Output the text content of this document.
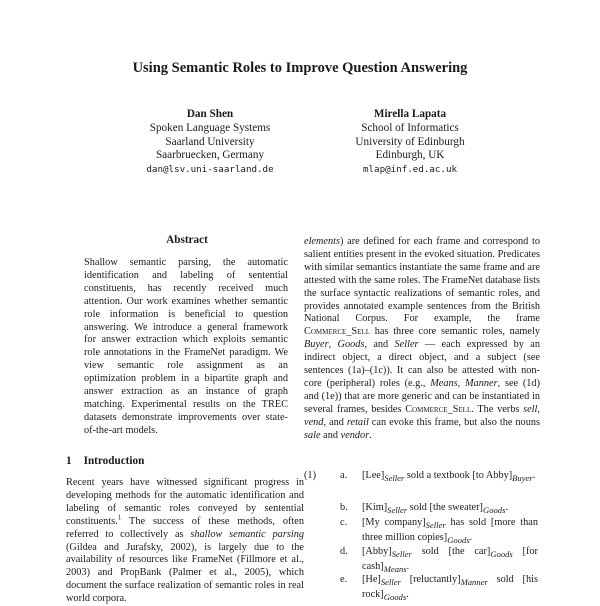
Using Semantic Roles to Improve Question Answering
Dan Shen
Spoken Language Systems
Saarland University
Saarbruecken, Germany
dan@lsv.uni-saarland.de
Mirella Lapata
School of Informatics
University of Edinburgh
Edinburgh, UK
mlap@inf.ed.ac.uk
Abstract
Shallow semantic parsing, the automatic identification and labeling of sentential constituents, has recently received much attention. Our work examines whether semantic role information is beneficial to question answering. We introduce a general framework for answer extraction which exploits semantic role annotations in the FrameNet paradigm. We view semantic role assignment as an optimization problem in a bipartite graph and answer extraction as an instance of graph matching. Experimental results on the TREC datasets demonstrate improvements over state-of-the-art models.
1 Introduction
Recent years have witnessed significant progress in developing methods for the automatic identification and labeling of semantic roles conveyed by sentential constituents.$^1$ The success of these methods, often referred to collectively as shallow semantic parsing (Gildea and Jurafsky, 2002), is largely due to the availability of resources like FrameNet (Fillmore et al., 2003) and PropBank (Palmer et al., 2005), which document the surface realization of semantic roles in real world corpora.
elements) are defined for each frame and correspond to salient entities present in the evoked situation. Predicates with similar semantics instantiate the same frame and are attested with the same roles. The FrameNet database lists the surface syntactic realizations of semantic roles, and provides annotated example sentences from the British National Corpus. For example, the frame Commerce_Sell has three core semantic roles, namely Buyer, Goods, and Seller — each expressed by an indirect object, a direct object, and a subject (see sentences (1a)–(1c)). It can also be attested with non-core (peripheral) roles (e.g., Means, Manner, see (1d) and (1e)) that are more generic and can be instantiated in several frames, besides Commerce_Sell. The verbs sell, vend, and retail can evoke this frame, but also the nouns sale and vendor.
(1) a. $[Lee]_{Seller}$ sold a textbook [to $Abby]_{Buyer}$.
b. $[Kim]_{Seller}$ sold [the $sweater]_{Goods}$.
c. [My $company]_{Seller}$ has sold [more than three million $copies]_{Goods}$.
d. $[Abby]_{Seller}$ sold [the $car]_{Goods}$ [for $cash]_{Means}$.
e. $[He]_{Seller}$ $[reluctantly]_{Manner}$ sold [his $rock]_{Goods}$.
